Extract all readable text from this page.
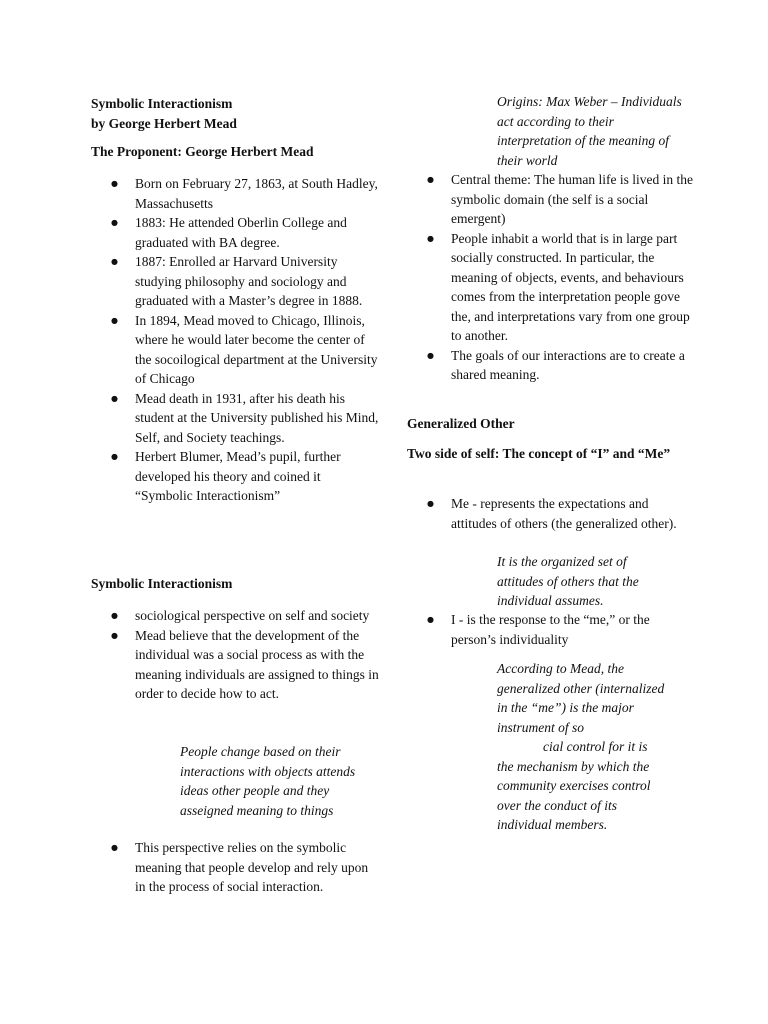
Symbolic Interactionism
by George Herbert Mead
The Proponent: George Herbert Mead
● Born on February 27, 1863, at South Hadley, Massachusetts
● 1883: He attended Oberlin College and graduated with BA degree.
● 1887: Enrolled ar Harvard University studying philosophy and sociology and graduated with a Master’s degree in 1888.
● In 1894, Mead moved to Chicago, Illinois, where he would later become the center of the socoilogical department at the University of Chicago
● Mead death in 1931, after his death his student at the University published his Mind, Self, and Society teachings.
● Herbert Blumer, Mead’s pupil, further developed his theory and coined it “Symbolic Interactionism”
Symbolic Interactionism
● sociological perspective on self and society
● Mead believe that the development of the individual was a social process as with the meaning individuals are assigned to things in order to decide how to act.
People change based on their interactions with objects attends ideas other people and they asseigned meaning to things
● This perspective relies on the symbolic meaning that people develop and rely upon in the process of social interaction.
Origins: Max Weber – Individuals act according to their interpretation of the meaning of their world
● Central theme: The human life is lived in the symbolic domain (the self is a social emergent)
● People inhabit a world that is in large part socially constructed. In particular, the meaning of objects, events, and behaviours comes from the interpretation people gove the, and interpretations vary from one group to another.
● The goals of our interactions are to create a shared meaning.
Generalized Other
Two side of self: The concept of “I” and “Me”
● Me - represents the expectations and attitudes of others (the generalized other).
It is the organized set of attitudes of others that the individual assumes.
● I - is the response to the “me,” or the person’s individuality
According to Mead, the generalized other (internalized in the “me”) is the major instrument of so
cial control for it is
the mechanism by which the community exercises control over the conduct of its individual members.
